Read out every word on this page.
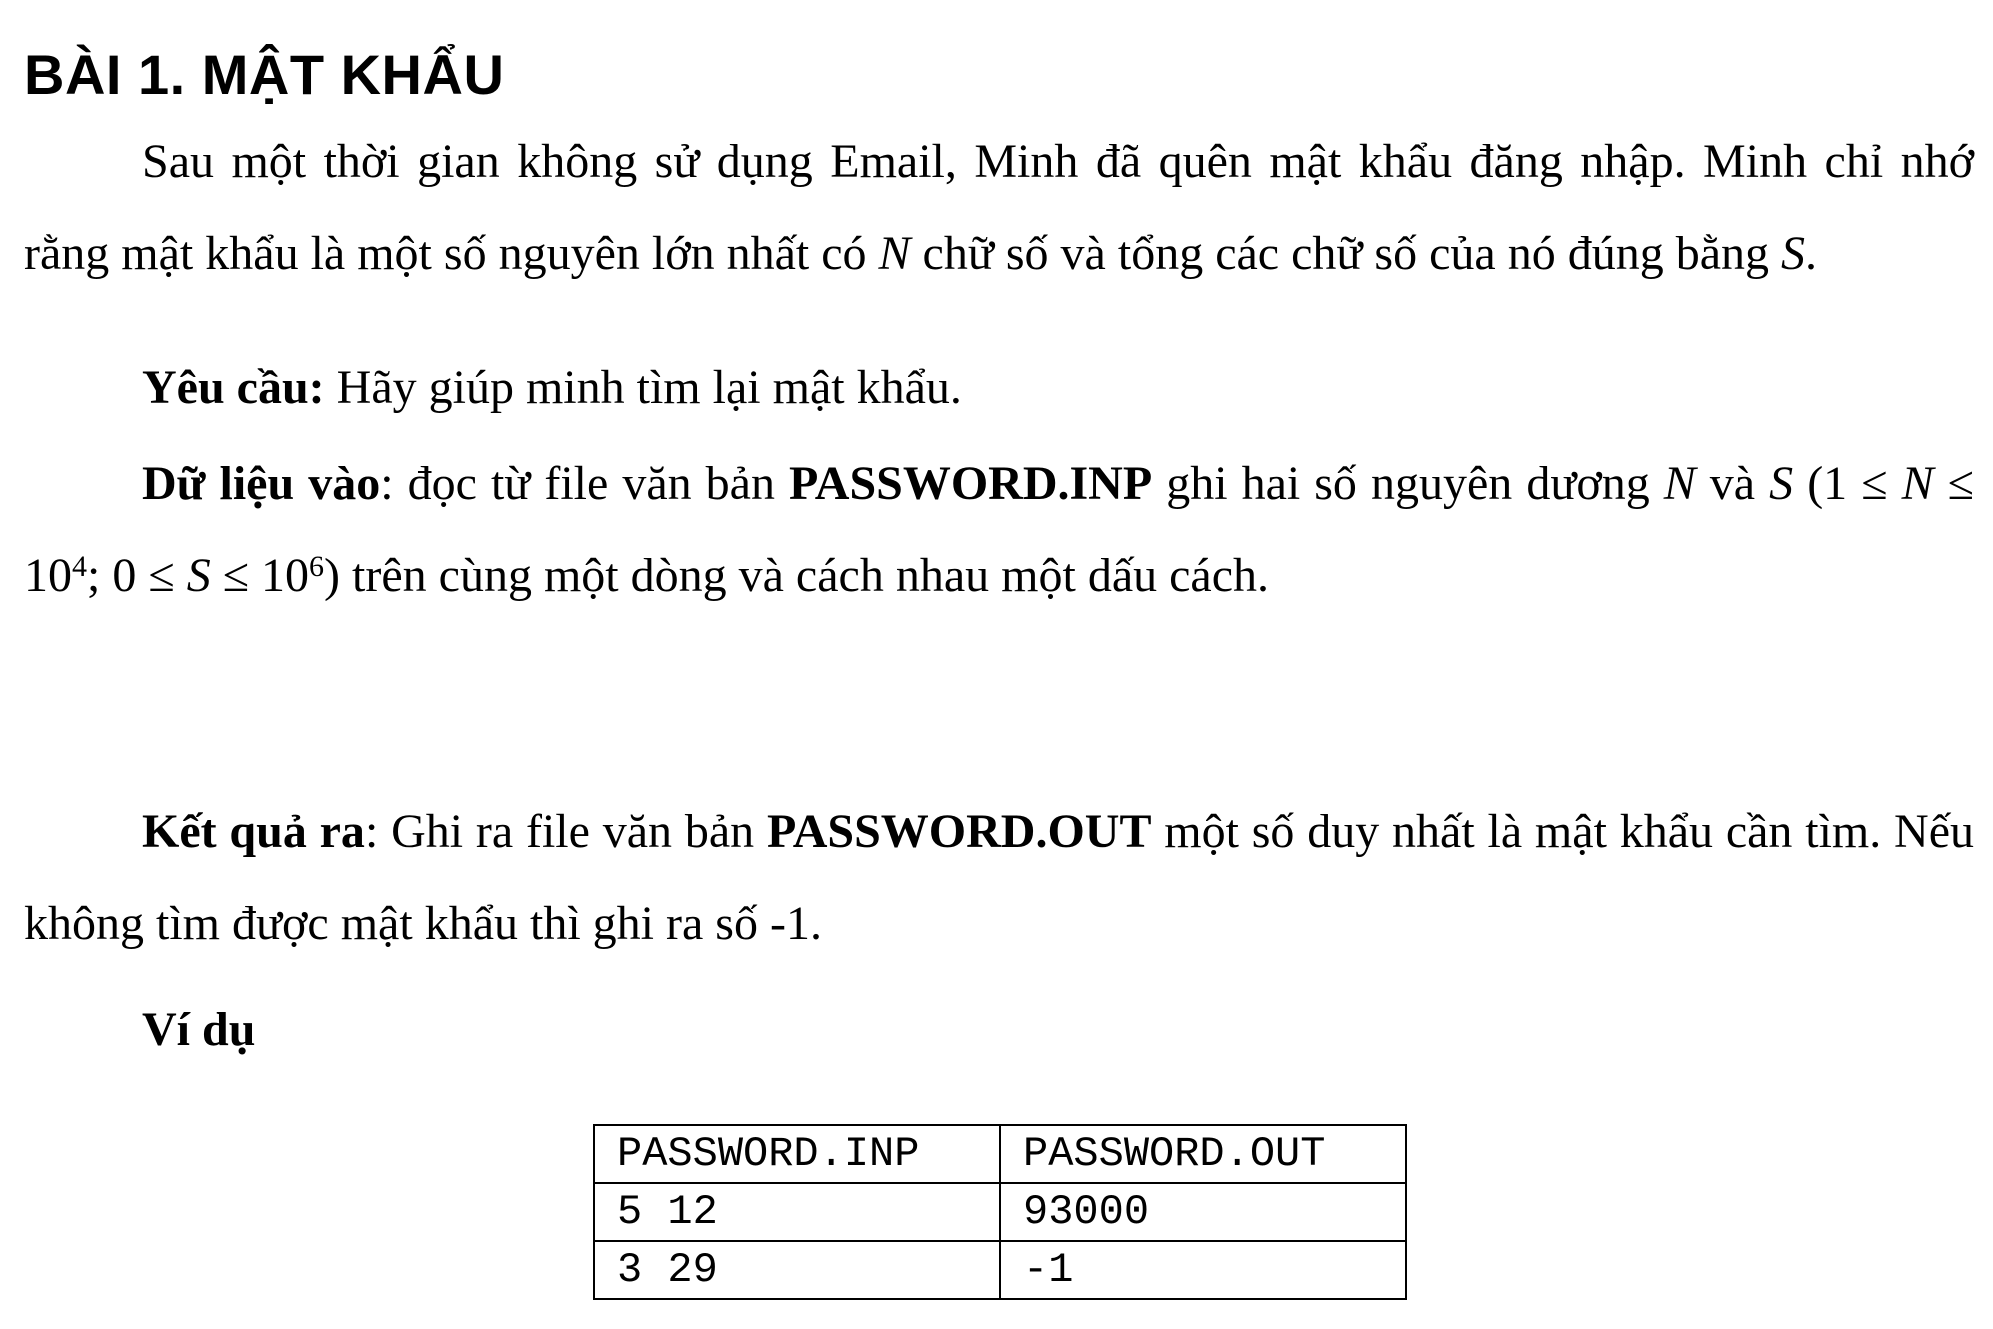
BÀI 1. MẬT KHẨU

Sau một thời gian không sử dụng Email, Minh đã quên mật khẩu đăng nhập. Minh chỉ nhớ rằng mật khẩu là một số nguyên lớn nhất có N chữ số và tổng các chữ số của nó đúng bằng S.

Yêu cầu: Hãy giúp minh tìm lại mật khẩu.

Dữ liệu vào: đọc từ file văn bản PASSWORD.INP ghi hai số nguyên dương N và S ($1 \le N \le 10^4$; $0 \le S \le 10^6$) trên cùng một dòng và cách nhau một dấu cách.

Kết quả ra: Ghi ra file văn bản PASSWORD.OUT một số duy nhất là mật khẩu cần tìm. Nếu không tìm được mật khẩu thì ghi ra số -1.

Ví dụ

PASSWORD.INP	PASSWORD.OUT
5 12	93000
3 29	-1
